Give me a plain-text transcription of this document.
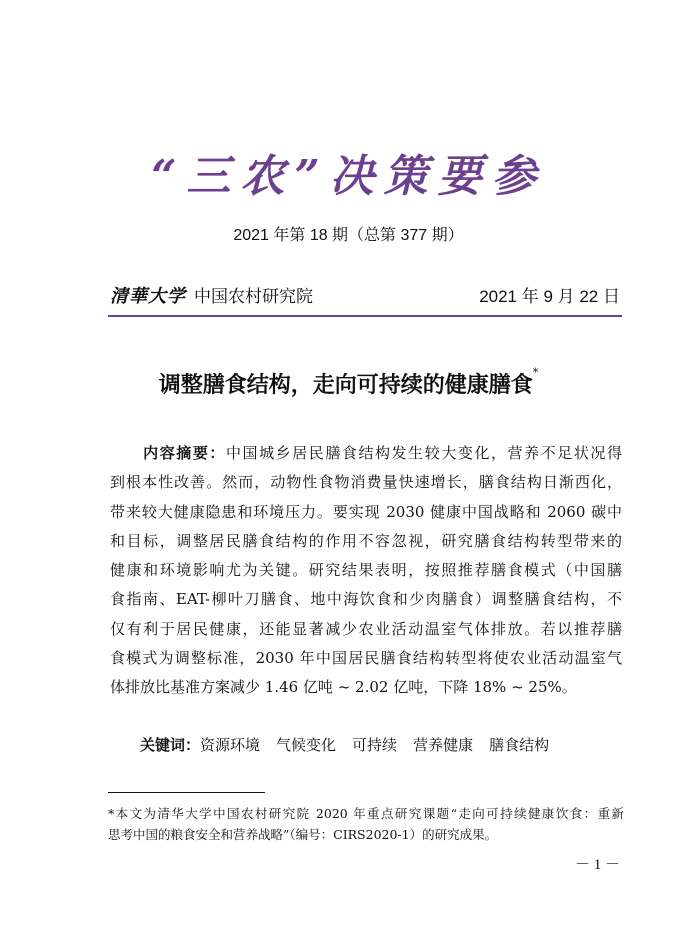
“三农”决策要参
2021 年第 18 期（总第 377 期）
清華大学 中国农村研究院	2021 年 9 月 22 日
调整膳食结构，走向可持续的健康膳食*
　　内容摘要：中国城乡居民膳食结构发生较大变化，营养不足状况得
到根本性改善。然而，动物性食物消费量快速增长，膳食结构日渐西化，
带来较大健康隐患和环境压力。要实现 2030 健康中国战略和 2060 碳中
和目标，调整居民膳食结构的作用不容忽视，研究膳食结构转型带来的
健康和环境影响尤为关键。研究结果表明，按照推荐膳食模式（中国膳
食指南、EAT-柳叶刀膳食、地中海饮食和少肉膳食）调整膳食结构，不
仅有利于居民健康，还能显著减少农业活动温室气体排放。若以推荐膳
食模式为调整标准，2030 年中国居民膳食结构转型将使农业活动温室气
体排放比基准方案减少 1.46 亿吨 ~ 2.02 亿吨，下降 18% ~ 25%。
关键词：资源环境 气候变化 可持续 营养健康 膳食结构
*本文为清华大学中国农村研究院 2020 年重点研究课题“走向可持续健康饮食：重新
思考中国的粮食安全和营养战略”（编号：CIRS2020-1）的研究成果。
－ 1 －
